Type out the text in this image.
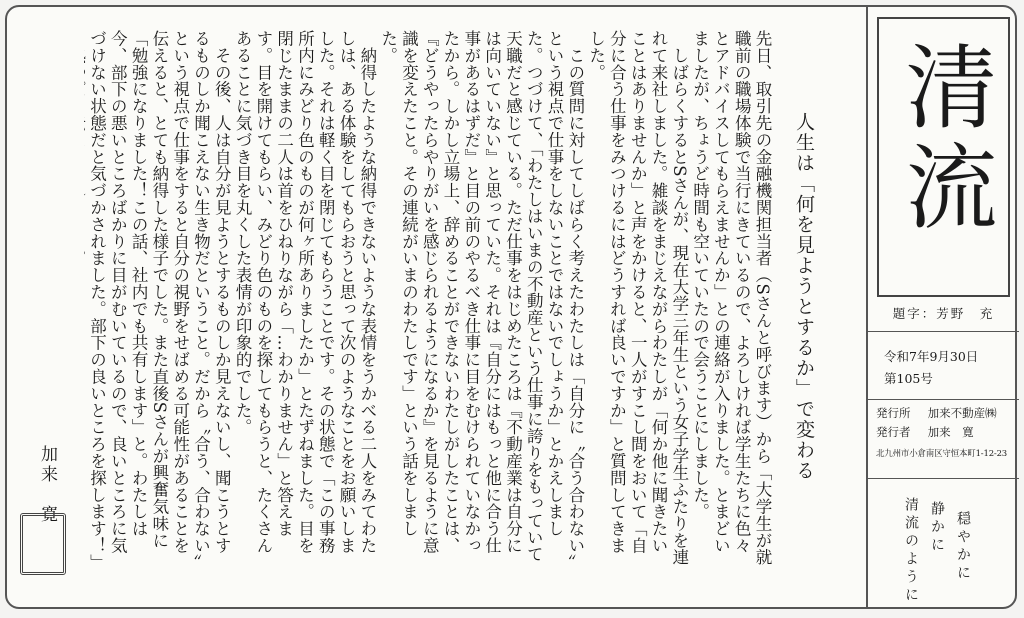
先日、取引先の金融機関担当者（Sさんと呼びます）から「大学生が就職前の職場体験で当行にきているので、よろしければ学生たちに色々とアドバイスしてもらえませんか」との連絡が入りました。とまどいましたが、ちょうど時間も空いていたので会うことにしました。
　しばらくするとSさんが、現在大学三年生という女子学生ふたりを連れて来社しました。雑談をまじえながらわたしが「何か他に聞きたいことはありませんか」と声をかけると、一人がすこし間をおいて「自分に合う仕事をみつけるにはどうすれば良いですか」と質問してきました。
　この質問に対してしばらく考えたわたしは「自分に〝合う合わない〟という視点で仕事をしないことではないでしょうか」とかえしました。つづけて、「わたしはいまの不動産という仕事に誇りをもっていて天職だと感じている。ただ仕事をはじめたころは『不動産業は自分には向いていない』と思っていた。それは『自分にはもっと他に合う仕事があるはずだ』と目の前のやるべき仕事に目をむけられていなかったから。しかし立場上、辞めることができないわたしがしたことは、『どうやったらやりがいを感じられるようになるか』を見るように意識を変えたこと。その連続がいまのわたしです」という話をしました。
　納得したような納得できないような表情をうかべる二人をみてわたしは、ある体験をしてもらおうと思って次のようなことをお願いしました。それは軽く目を閉じてもらうことです。その状態で「この事務所内にみどり色のものが何ヶ所ありましたか」とたずねました。目を閉じたままの二人は首をひねりながら「…わかりません」と答えます。目を開けてもらい、みどり色のものを探してもらうと、たくさんあることに気づき目を丸くした表情が印象的でした。
　その後、人は自分が見ようとするものしか見えないし、聞こうとするものしか聞こえない生き物だということ。だから〝合う、合わない〟という視点で仕事をすると自分の視野をせばめる可能性があることを伝えると、とても納得した様子でした。また直後Sさんが興奮気味に「勉強になりました！この話、社内でも共有します」と。わたしは今、部下の悪いところばかりに目がむいているので、良いところに気づけない状態だと気づかされました。部下の良いところを探します！」

人生は「何を見ようとするか」で変わる
加来　寛
清流
題字：芳野　充
令和7年9月30日
第105号
発行所 加来不動産㈱
発行者 加来　寛
北九州市小倉南区守恒本町1-12-23
穏やかに
静かに
清流のように
